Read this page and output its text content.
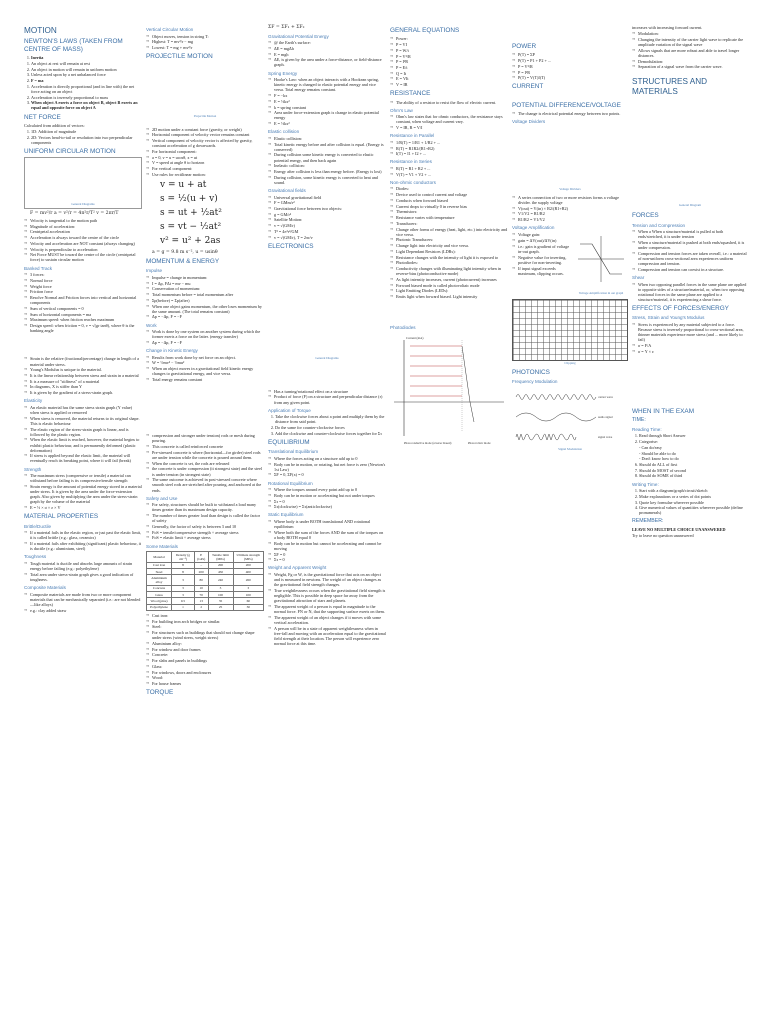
MOTION
NEWTON'S LAWS (TAKEN FROM CENTRE OF MASS)
1. Inertia
1. An object at rest will remain at rest
2. An object in motion will remain in uniform motion
3. Unless acted upon by a net unbalanced force
2. F = ma
1. Acceleration is directly proportional (and in line with) the net force acting on an object
2. Acceleration is inversely proportional to mass
3. When object A exerts a force on object B, object B exerts an equal and opposite force on object A
NET FORCE
Calculated from addition of vectors:
1. 1D: Addition of magnitude
2. 2D: Vectors head-to-tail or resolution into two perpendicular components
UNIFORM CIRCULAR MOTION
General Diagrams
F = mv²/r a = v²/r = 4π²r/T² v = 2πr/T
⇒ Velocity is tangential to the motion path
⇒ Magnitude of acceleration:
⇒ Centripetal acceleration
⇒ Acceleration is always toward the centre of the circle
⇒ Velocity and acceleration are NOT constant (always changing)
⇒ Velocity is perpendicular to acceleration
⇒ Net Force MUST be toward the centre of the circle (centripetal force) to sustain circular motion
Banked Track
⇒ 3 forces:
⇒ Normal force
⇒ Weight force
⇒ Friction force
⇒ Resolve Normal and Friction forces into vertical and horizontal components
⇒ Sum of vertical components = 0
⇒ Sum of horizontal components = ma
⇒ Maximum speed: when friction reaches maximum
⇒ Design speed: when friction = 0, v = √(gr tanθ), where θ is the banking angle
⇒ Strain is the relative (fractional/percentage) change in length of a material under stress.
⇒ Young's Modulus is unique to the material.
⇒ It is the linear relationship between stress and strain in a material
⇒ It is a measure of "stiffness" of a material
⇒ In diagrams, X is stiffer than Y
⇒ It is given by the gradient of a stress-strain graph.
Elasticity
⇒ An elastic material has the same stress strain graph (Y value) when stress is applied or removed
⇒ When stress is removed, the material returns to its original shape. This is elastic behaviour
⇒ The elastic region of the stress-strain graph is linear, and is followed by the plastic region.
⇒ When the elastic limit is reached, however, the material begins to exhibit plastic behaviour, and is permanently deformed (plastic deformation)
⇒ If stress is applied beyond the elastic limit, the material will eventually reach its breaking point, where it will fail (break)
Strength
⇒ The maximum stress (compressive or tensile) a material can withstand before failing is its compressive/tensile strength
⇒ Strain energy is the amount of potential energy stored in a material under stress. It is given by the area under the force-extension graph. Also given by multiplying the area under the stress-strain graph by the volume of the material
⇒ E = ½ × σ × ε × V
MATERIAL PROPERTIES
Brittle/Ductile
⇒ If a material fails in the elastic region, or just past the elastic limit, it is called brittle (e.g.: glass, ceramics)
⇒ If a material fails after exhibiting (significant) plastic behaviour, it is ductile (e.g.: aluminium, steel)
Toughness
⇒ Tough material is ductile and absorbs large amounts of strain energy before failing (e.g.: polyethylene)
⇒ Total area under stress-strain graph gives a good indication of toughness.
Composite Materials
⇒ Composite materials are made from two or more component materials that can be mechanically separated (i.e.: are not blended—like alloys)
⇒ e.g.: clay added straw
Vertical Circular Motion
⇒ Object moves, tension in string T:
⇒ Highest: T = mv²/r − mg
⇒ Lowest: T = mg + mv²/r
PROJECTILE MOTION
Projectile Motion
⇒ 2D motion under a constant force (gravity, or weight)
⇒ Horizontal component of velocity vector remains constant
⇒ Vertical component of velocity vector is affected by gravity, constant acceleration of g downwards.
⇒ For horizontal component:
⇒ a = 0, v = u = ucosθ, x = ut
⇒ V = speed at angle θ to horizon
⇒ For vertical component:
⇒ Use rules for rectilinear motion:
v = u + at
s = ½(u + v)
s = ut + ½at²
s = vt − ½at²
v² = u² + 2as
a = g = 9.8 m s⁻², u = usinθ
MOMENTUM & ENERGY
Impulse
⇒ Impulse = change in momentum:
⇒ I = Δp, FΔt = mv − mu
⇒ Conservation of momentum:
⇒ Total momentum before = total momentum after
⇒ Σp(before) = Σp(after)
⇒ When one object gains momentum, the other loses momentum by the same amount. (The total remains constant)
⇒ Δp = −Δp, F = −F
Work
⇒ Work is done by one system on another system during which the former exerts a force on the latter. (energy transfer)
⇒ Δp = −Δp, F = −F
Change in Kinetic Energy
⇒ Results from work done by net force on an object.
⇒ W = ½mv² − ½mu²
⇒ When an object moves in a gravitational field kinetic energy changes to gravitational energy, and vice versa.
⇒ Total energy remains constant
⇒ compression and stronger under tension) rods or mesh during pouring.
⇒ This concrete is called reinforced concrete
⇒ Pre-stressed concrete is where (horizontal—for girder) steel rods are under tension while the concrete is poured around them.
⇒ When the concrete is set, the rods are released
⇒ the concrete is under compression (it strongest state) and the steel is under tension (in strongest state)
⇒ The same outcome is achieved in post-stressed concrete where smooth steel rods are stretched after pouring, and anchored at the ends.
Safety and Use
⇒ For safety, structures should be built to withstand a load many times greater than its maximum design capacity.
⇒ The number of times greater load than design is called the factor of safety
⇒ Generally, the factor of safety is between 3 and 10
⇒ FoS = tensile/compressive strength ÷ average stress
⇒ FoS = elastic limit ÷ average stress
Some Materials
Material	Density (g cm⁻³)	E (GPa)	Tensile limit (MPa)	Ultimate strength (MPa)
Cast iron	8	–	200	200
Steel	8	200	450	400
Aluminium alloy	3	80	240	260
Concrete	3	10	3	3
Glass	3	70	100	100
Wood (pine)	0.5	13	35	60
Polyethylene	1	2	25	30
⇒ Cast iron:
⇒ For building iron arch bridges or similar.
⇒ Steel:
⇒ For structures such as buildings that should not change shape under stress (wind stress, weight stress)
⇒ Aluminium alloy:
⇒ For window and door frames
⇒ Concrete:
⇒ For slabs and panels in buildings
⇒ Glass:
⇒ For windows, doors and enclosures
⇒ Wood:
⇒ For house frames
TORQUE
ΣF = ΣF₁ + ΣF₂
Gravitational Potential Energy
⇒ @ the Earth's surface:
⇒ ΔE = mgΔh
⇒ E = mgh
⇒ ΔE, is given by the area under a force-distance, or field-distance graph.
Spring Energy
⇒ Hooke's Law: when an object interacts with a Hookean spring, kinetic energy is changed to elastic potential energy and vice versa. Total energy remains constant.
⇒ F = −kx
⇒ E = ½kx²
⇒ k = spring constant
⇒ Area under force-extension graph is change in elastic potential energy
⇒ E = ½kx²
Elastic collision
⇒ Elastic collision:
⇒ Total kinetic energy before and after collision is equal. (Energy is conserved)
⇒ During collision some kinetic energy is converted to elastic potential energy, and then back again
⇒ Inelastic collision:
⇒ Energy after collision is less than energy before. (Energy is lost)
⇒ During collision, some kinetic energy is converted to heat and sound.
Gravitational fields
⇒ Universal gravitational field
⇒ F = GMm/r²
⇒ Gravitational force between two objects:
⇒ g = GM/r²
⇒ Satellite Motion:
⇒ v = √(GM/r)
⇒ T² = 4π²r³/GM
⇒ v = √(GM/r), T = 2πr/v
ELECTRONICS
General Diagrams
⇒ Has a turning/rotational effect on a structure
⇒ Product of force (F) on a structure and perpendicular distance (r) from any given point.
Application of Torque
1. Take the clockwise forces about a point and multiply them by the distance from said point.
2. Do the same for counter-clockwise forces
3. Add the clockwise and counter-clockwise forces together for Στ
EQUILIBRIUM
Translational Equilibrium
⇒ Where the forces acting on a structure add up to 0
⇒ Body can be in motion, or rotating, but net force is zero (Newton's 1st Law)
⇒ ΣF = 0, ΣF(x) = 0
Rotational Equilibrium
⇒ Where the torques around every point add up to 0
⇒ Body can be in motion or accelerating but not under torques
⇒ Στ = 0
⇒ Στ(clockwise) = Στ(anticlockwise)
Static Equilibrium
⇒ Where body is under BOTH translational AND rotational equilibrium
⇒ Where both the sum of the forces AND the sum of the torques on a body BOTH equal 0
⇒ Body can be in motion but cannot be accelerating and cannot be moving
⇒ ΣF = 0
⇒ Στ = 0
Weight and Apparent Weight
⇒ Weight, Fg or W, is the gravitational force that acts on an object and is measured in newtons. The weight of an object changes as the gravitational field strength changes.
⇒ True weightlessness occurs when the gravitational field strength is negligible. This is possible in deep space far away from the gravitational attraction of stars and planets.
⇒ The apparent weight of a person is equal in magnitude to the normal force. FN or N, that the supporting surface exerts on them.
⇒ The apparent weight of an object changes if it moves with some vertical acceleration.
⇒ A person will be in a state of apparent weightlessness when in free-fall and moving with an acceleration equal to the gravitational field strength at their location. The person will experience zero normal force at this time.
GENERAL EQUATIONS
⇒ Power:
⇒ P = VI
⇒ P = W/t
⇒ P = V²/R
⇒ P = I²R
⇒ P = E/t
⇒ Q = It
⇒ E = VIt
⇒ V = IR
RESISTANCE
⇒ The ability of a resistor to resist the flow of electric current.
Ohm's Law
⇒ Ohm's law states that for ohmic conductors, the resistance stays constant, when voltage and current vary.
⇒ V = IR, R = V/I
Resistance in Parallel
⇒ 1/R(T) = 1/R1 + 1/R2 + ...
⇒ R(T) = R1R2/(R1+R2)
⇒ I(T) = I1 + I2 + ...
Resistance in Series
⇒ R(T) = R1 + R2 + ...
⇒ V(T) = V1 + V2 + ...
Non-ohmic conductors
⇒ Diodes:
⇒ Device used to control current and voltage
⇒ Conducts when forward biased
⇒ Current drops to virtually 0 in reverse bias
⇒ Thermistors:
⇒ Resistance varies with temperature
⇒ Transducers:
⇒ Change other forms of energy (heat, light, etc.) into electricity and vice versa.
⇒ Photonic Transducers:
⇒ Change light into electricity and vice versa.
⇒ Light Dependant Resistors (LDRs):
⇒ Resistance changes with the intensity of light it is exposed to
⇒ Photodiodes:
⇒ Conductivity changes with illuminating light intensity when in reverse-bias (photoconductive mode)
⇒ As light intensity increases, current (photocurrent) increases
⇒ Forward biased mode is called photovoltaic mode
⇒ Light Emitting Diodes (LEDs):
⇒ Emits light when forward biased. Light intensity
Photodiodes
Current (mA)
Photoconductive mode (reverse biased)	Photovoltaic mode
POWER
⇒ P(T) = ΣP
⇒ P(T) = P1 + P2 + ...
⇒ P = V²/R
⇒ P = I²R
⇒ P(T) = V(T)I(T)
CURRENT
POTENTIAL DIFFERENCE/VOLTAGE
⇒ The change is electrical potential energy between two points.
Voltage Dividers
Voltage Dividers
⇒ A series connection of two or more resistors forms a voltage divider. the supply voltage
⇒ V(out) = V(in) × R2/(R1+R2)
⇒ V1/V2 = R1/R2
⇒ R1/R2 = V1/V2
Voltage Amplification
⇒ Voltage gain:
⇒ gain = ΔV(out)/ΔV(in)
⇒ i.e.: gain is gradient of voltage in-out graph.
⇒ Negative value for inverting, positive for non-inverting.
⇒ If input signal exceeds maximum, clipping occurs.
Voltage Amplification in out graph
Clipping
PHOTONICS
Frequency Modulation
carrier wave
audio signal
signal wave
Signal Modulation
increases with increasing forward current.
⇒ Modulation:
⇒ Changing the intensity of the carrier light wave to replicate the amplitude variation of the signal wave
⇒ Allows signals that are more robust and able to travel longer distances.
⇒ Demodulation:
⇒ Separation of a signal wave from the carrier wave.
STRUCTURES AND MATERIALS
General Diagram
FORCES
Tension and Compression
⇒ When a When a structure/material is pulled at both ends/stretched, it is under tension
⇒ When a structure/material is pushed at both ends/squashed, it is under compression.
⇒ Compression and tension forces are taken overall, i.e.: a material of non-uniform cross-sectional area experiences uniform compression and tension.
⇒ Compression and tension can coexist in a structure.
Shear
⇒ When two opposing parallel forces in the same plane are applied to opposite sides of a structure/material, or, when two opposing rotational forces in the same plane are applied to a structure/material, it is experiencing a shear force.
EFFECTS OF FORCES/ENERGY
Stress, Strain and Young's Modulus
⇒ Stress is experienced by any material subjected to a force. Because stress is inversely proportional to cross-sectional area, thinner materials experience more stress (and ... more likely to fail)
⇒ σ = F/A
⇒ σ = Y × ε
WHEN IN THE EXAM
TIME:
Reading Time:
1. Read through Short Answer
2. Categorise:
- Can do/easy
- Should be able to do
- Don't know how to do
6. Should do ALL of first
7. Should do MOST of second
8. Should do SOME of third
Writing Time:
1. Start with a diagram/graph/circuit/sketch
2. Make explanations or a series of dot points
3. Quote key formulae wherever possible
4. Give numerical values of quantities wherever possible (define pronumerals)
REMEMBER:
LEAVE NO MULTIPLE CHOICE UNANSWERED
Try to leave no question unanswered
